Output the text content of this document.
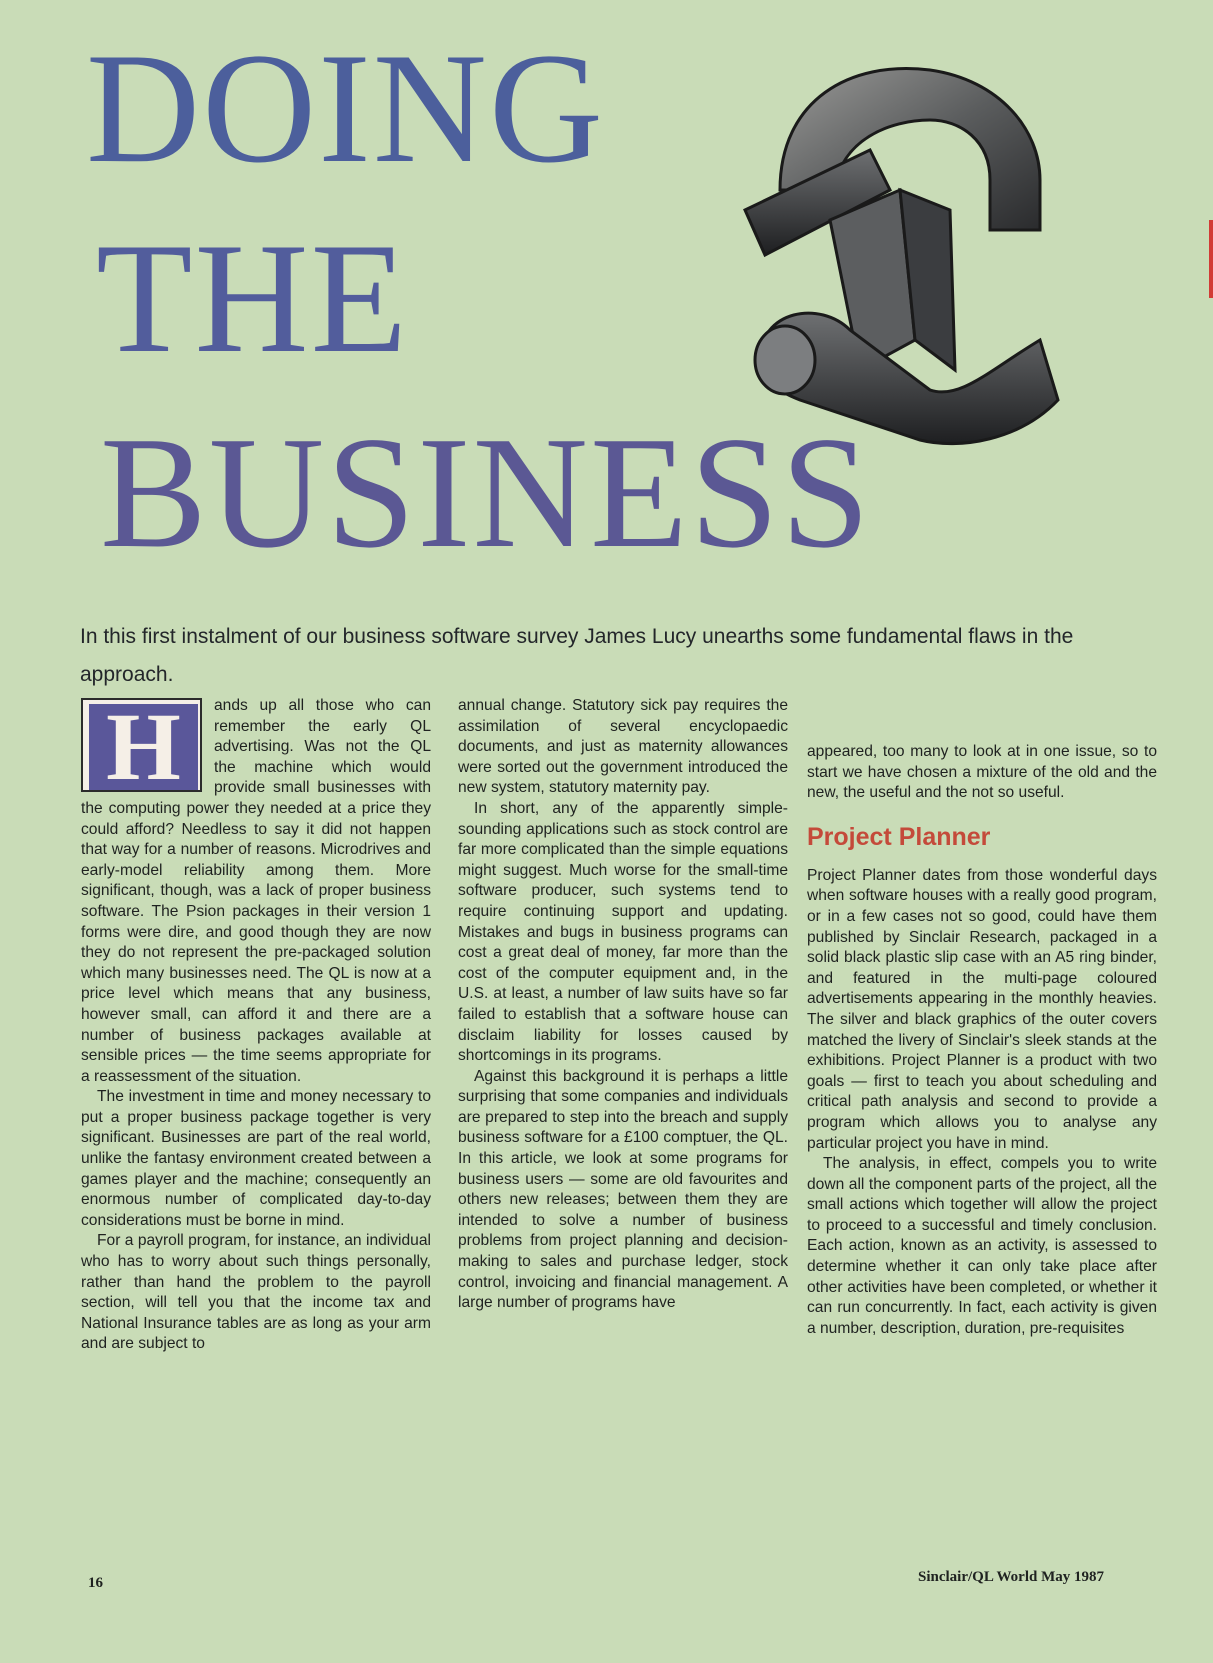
DOING
THE
BUSINESS

In this first instalment of our business software survey James Lucy unearths some fundamental flaws in the approach.

H	ands up all those who can remember the early QL advertising. Was not the QL the machine which would provide small businesses with the computing power they needed at a price they could afford? Needless to say it did not happen that way for a number of reasons. Microdrives and early-model reliability among them. More significant, though, was a lack of proper business software. The Psion packages in their version 1 forms were dire, and good though they are now they do not represent the pre-packaged solution which many businesses need. The QL is now at a price level which means that any business, however small, can afford it and there are a number of business packages available at sensible prices — the time seems appropriate for a reassessment of the situation.

The investment in time and money necessary to put a proper business package together is very significant. Businesses are part of the real world, unlike the fantasy environment created between a games player and the machine; consequently an enormous number of complicated day-to-day considerations must be borne in mind.

For a payroll program, for instance, an individual who has to worry about such things personally, rather than hand the problem to the payroll section, will tell you that the income tax and National Insurance tables are as long as your arm and are subject to

annual change. Statutory sick pay requires the assimilation of several encyclopaedic documents, and just as maternity allowances were sorted out the government introduced the new system, statutory maternity pay.

In short, any of the apparently simple-sounding applications such as stock control are far more complicated than the simple equations might suggest. Much worse for the small-time software producer, such systems tend to require continuing support and updating. Mistakes and bugs in business programs can cost a great deal of money, far more than the cost of the computer equipment and, in the U.S. at least, a number of law suits have so far failed to establish that a software house can disclaim liability for losses caused by shortcomings in its programs.

Against this background it is perhaps a little surprising that some companies and individuals are prepared to step into the breach and supply business software for a £100 comptuer, the QL. In this article, we look at some programs for business users — some are old favourites and others new releases; between them they are intended to solve a number of business problems from project planning and decision-making to sales and purchase ledger, stock control, invoicing and financial management. A large number of programs have

appeared, too many to look at in one issue, so to start we have chosen a mixture of the old and the new, the useful and the not so useful.

Project Planner

Project Planner dates from those wonderful days when software houses with a really good program, or in a few cases not so good, could have them published by Sinclair Research, packaged in a solid black plastic slip case with an A5 ring binder, and featured in the multi-page coloured advertisements appearing in the monthly heavies. The silver and black graphics of the outer covers matched the livery of Sinclair's sleek stands at the exhibitions. Project Planner is a product with two goals — first to teach you about scheduling and critical path analysis and second to provide a program which allows you to analyse any particular project you have in mind.

The analysis, in effect, compels you to write down all the component parts of the project, all the small actions which together will allow the project to proceed to a successful and timely conclusion. Each action, known as an activity, is assessed to determine whether it can only take place after other activities have been completed, or whether it can run concurrently. In fact, each activity is given a number, description, duration, pre-requisites

16	Sinclair/QL World May 1987
